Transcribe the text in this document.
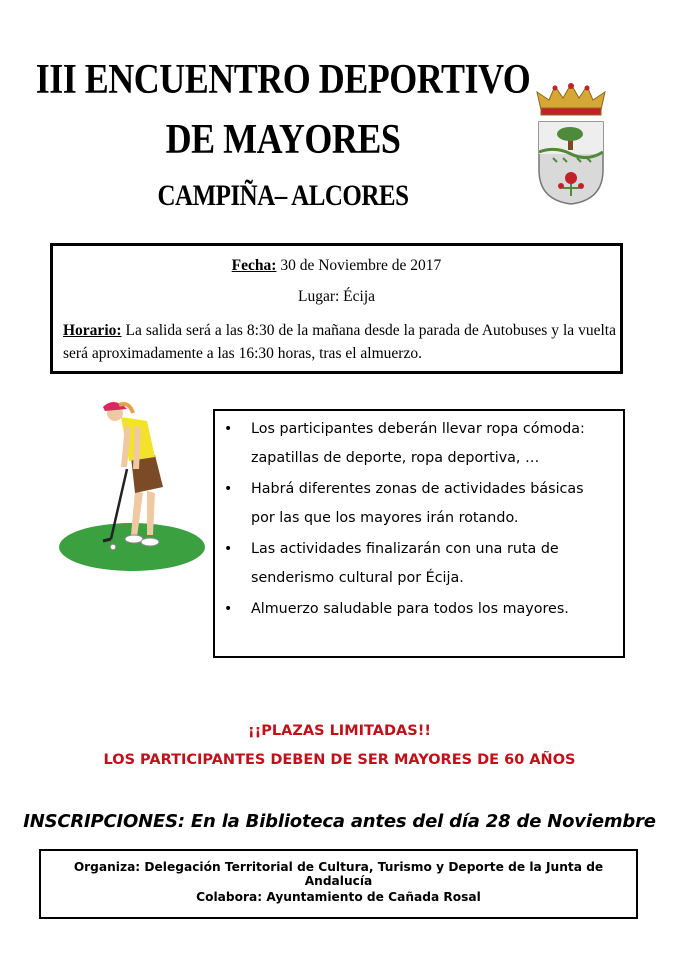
III ENCUENTRO DEPORTIVO
DE MAYORES
CAMPIÑA– ALCORES
Fecha: 30 de Noviembre de 2017
Lugar: Écija
Horario: La salida será a las 8:30 de la mañana desde la parada de Autobuses y la vuelta será aproximadamente a las 16:30 horas, tras el almuerzo.
• Los participantes deberán llevar ropa cómoda: zapatillas de deporte, ropa deportiva, …
• Habrá diferentes zonas de actividades básicas por las que los mayores irán rotando.
• Las actividades finalizarán con una ruta de senderismo cultural por Écija.
• Almuerzo saludable para todos los mayores.
¡¡PLAZAS LIMITADAS!!
LOS PARTICIPANTES DEBEN DE SER MAYORES DE 60 AÑOS
INSCRIPCIONES: En la Biblioteca antes del día 28 de Noviembre
Organiza: Delegación Territorial de Cultura, Turismo y Deporte de la Junta de Andalucía
Colabora: Ayuntamiento de Cañada Rosal
